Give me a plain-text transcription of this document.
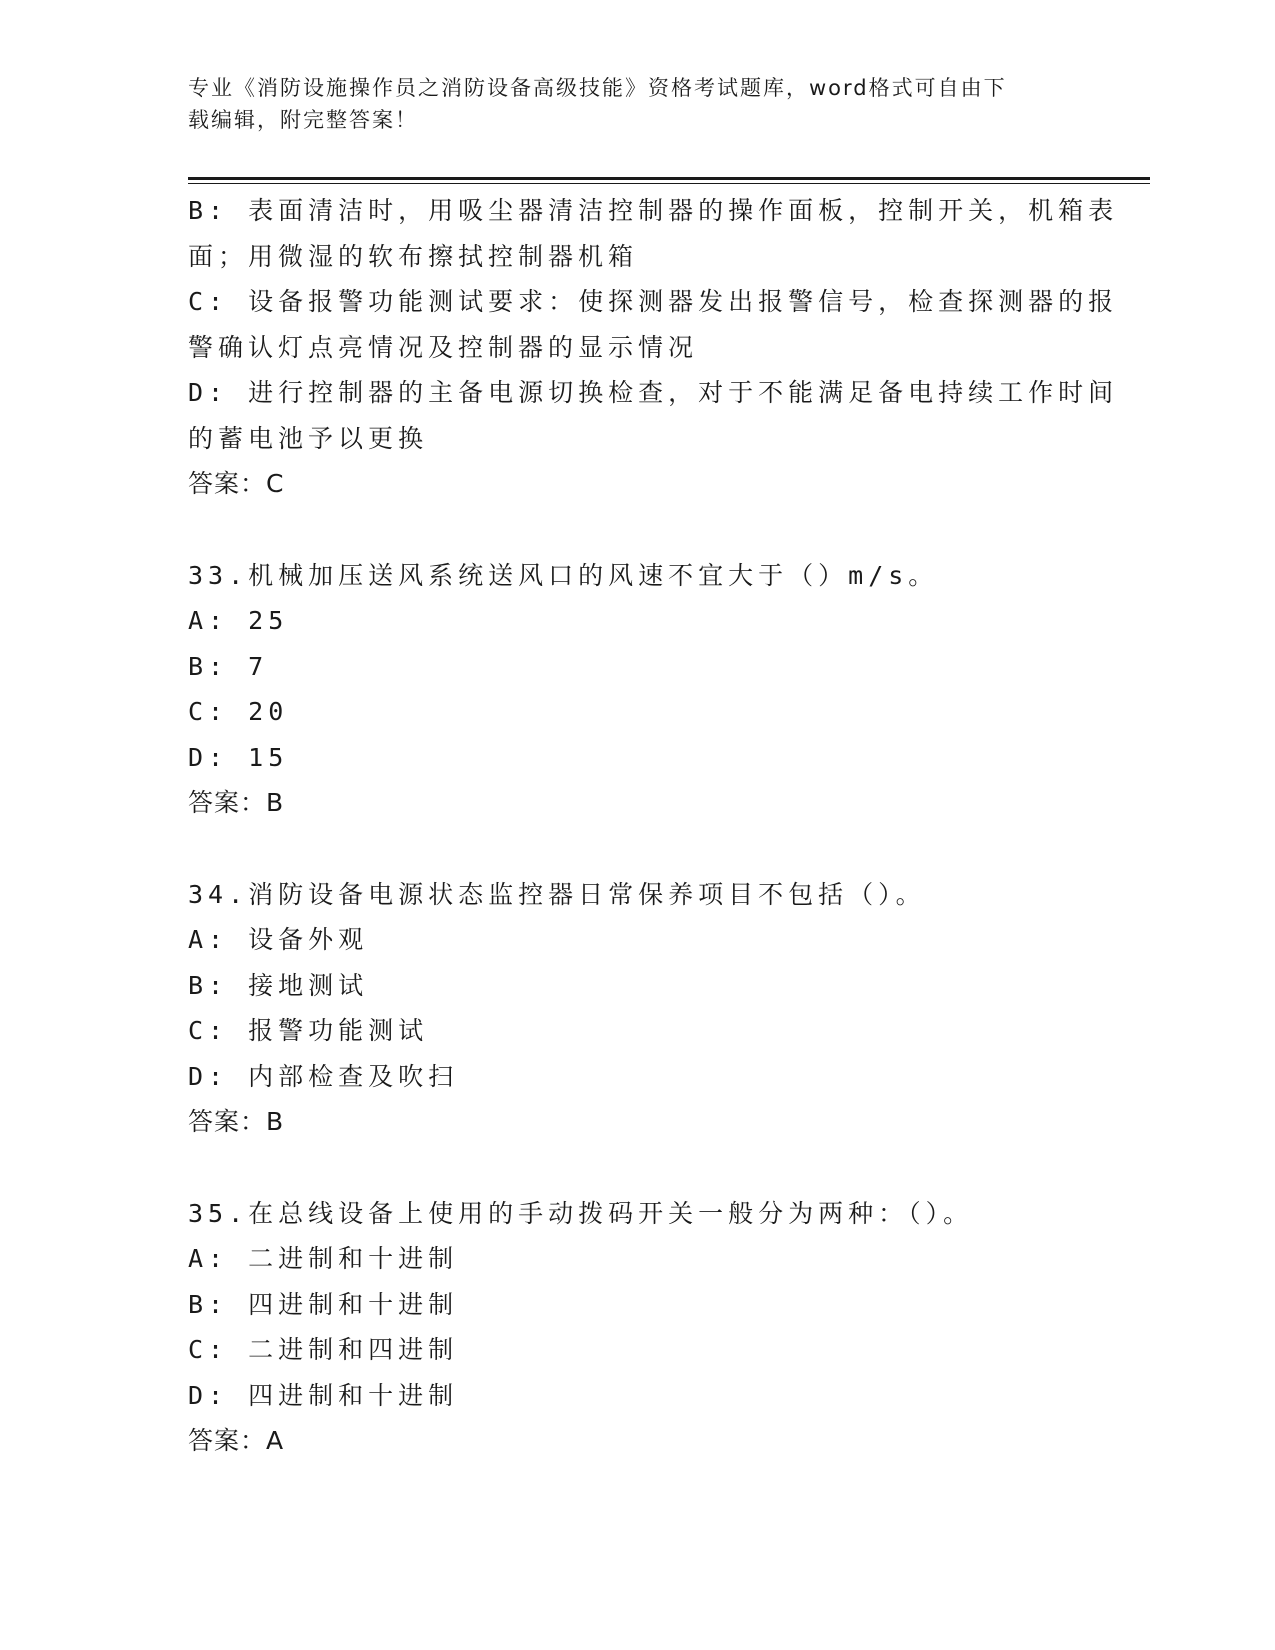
专业《消防设施操作员之消防设备高级技能》资格考试题库，word格式可自由下
载编辑，附完整答案！
B: 表面清洁时，用吸尘器清洁控制器的操作面板，控制开关，机箱表
面；用微湿的软布擦拭控制器机箱
C: 设备报警功能测试要求：使探测器发出报警信号，检查探测器的报
警确认灯点亮情况及控制器的显示情况
D: 进行控制器的主备电源切换检查，对于不能满足备电持续工作时间
的蓄电池予以更换
答案：C
33.机械加压送风系统送风口的风速不宜大于（）m/s。
A: 25
B: 7
C: 20
D: 15
答案：B
34.消防设备电源状态监控器日常保养项目不包括（）。
A: 设备外观
B: 接地测试
C: 报警功能测试
D: 内部检查及吹扫
答案：B
35.在总线设备上使用的手动拨码开关一般分为两种：（）。
A: 二进制和十进制
B: 四进制和十进制
C: 二进制和四进制
D: 四进制和十进制
答案：A
